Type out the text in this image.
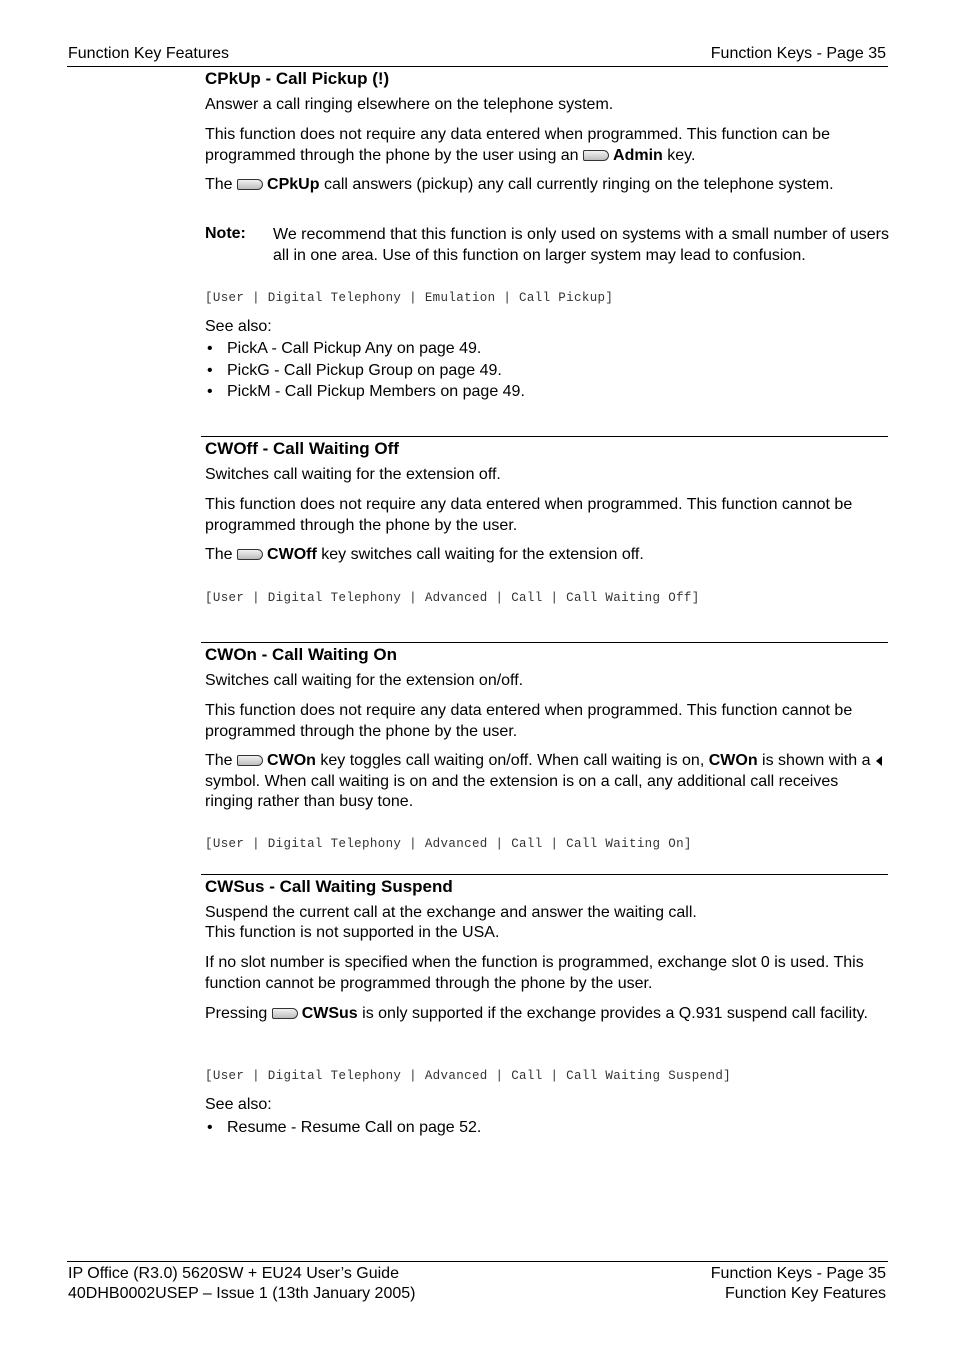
Function Key Features	Function Keys - Page 35
CPkUp - Call Pickup (!)
Answer a call ringing elsewhere on the telephone system.
This function does not require any data entered when programmed. This function can be programmed through the phone by the user using an Admin key.
The CPkUp call answers (pickup) any call currently ringing on the telephone system.
Note: We recommend that this function is only used on systems with a small number of users all in one area. Use of this function on larger system may lead to confusion.
[User | Digital Telephony | Emulation | Call Pickup]
See also:
• PickA - Call Pickup Any on page 49.
• PickG - Call Pickup Group on page 49.
• PickM - Call Pickup Members on page 49.
CWOff - Call Waiting Off
Switches call waiting for the extension off.
This function does not require any data entered when programmed. This function cannot be programmed through the phone by the user.
The CWOff key switches call waiting for the extension off.
[User | Digital Telephony | Advanced | Call | Call Waiting Off]
CWOn - Call Waiting On
Switches call waiting for the extension on/off.
This function does not require any data entered when programmed. This function cannot be programmed through the phone by the user.
The CWOn key toggles call waiting on/off. When call waiting is on, CWOn is shown with asymbol. When call waiting is on and the extension is on a call, any additional call receives ringing rather than busy tone.
[User | Digital Telephony | Advanced | Call | Call Waiting On]
CWSus - Call Waiting Suspend
Suspend the current call at the exchange and answer the waiting call.
This function is not supported in the USA.
If no slot number is specified when the function is programmed, exchange slot 0 is used. This function cannot be programmed through the phone by the user.
Pressing CWSus is only supported if the exchange provides a Q.931 suspend call facility.
[User | Digital Telephony | Advanced | Call | Call Waiting Suspend]
See also:
• Resume - Resume Call on page 52.
IP Office (R3.0) 5620SW + EU24 User’s Guide
40DHB0002USEP – Issue 1 (13th January 2005)
Function Keys - Page 35
Function Key Features
